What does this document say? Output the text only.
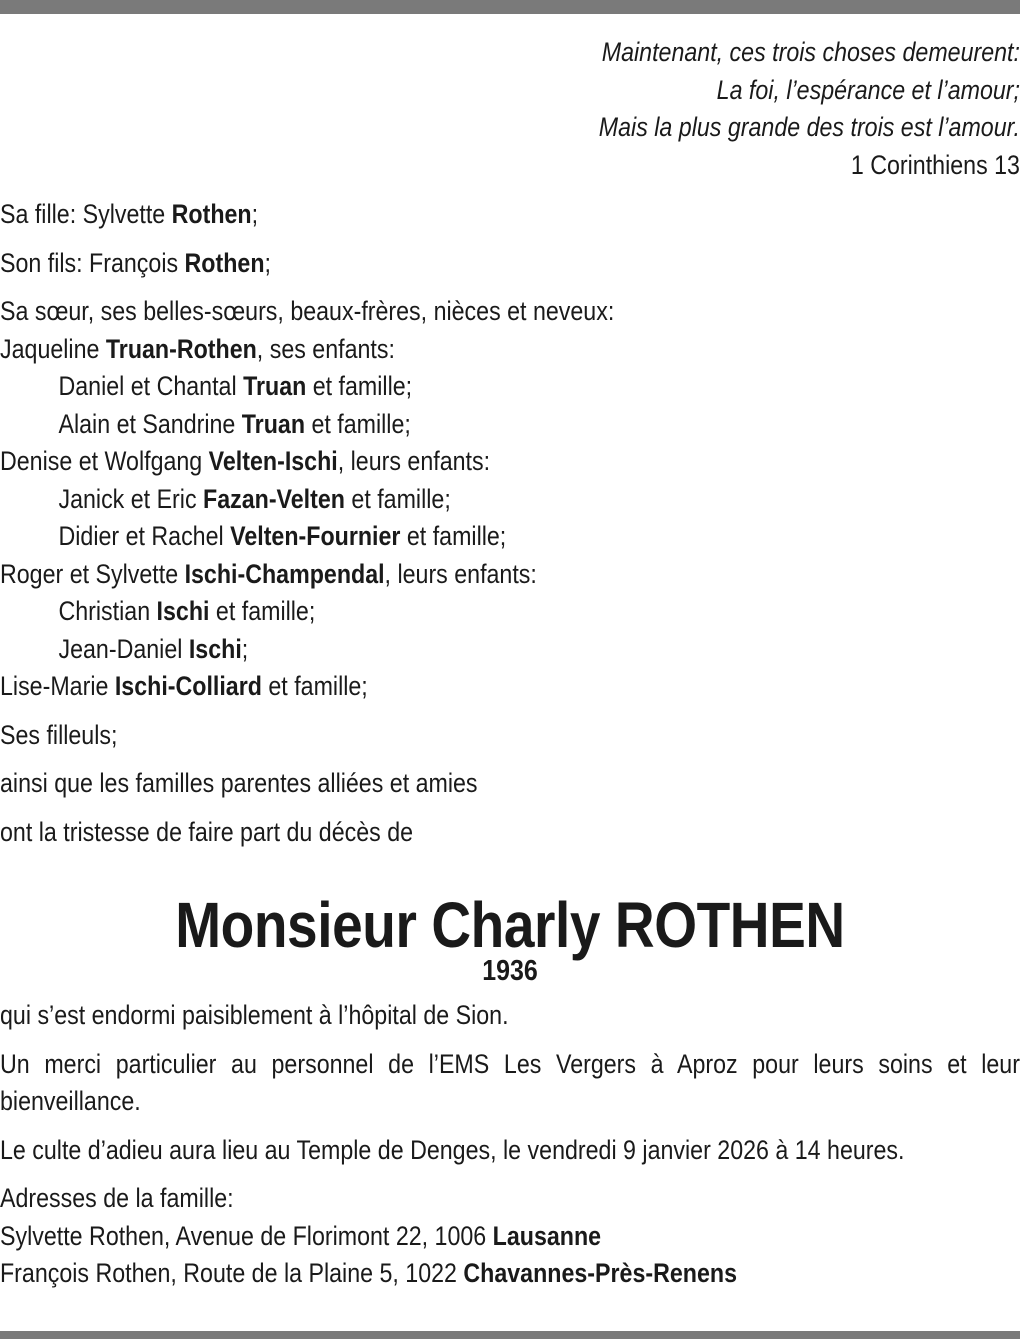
Maintenant, ces trois choses demeurent:
La foi, l’espérance et l’amour;
Mais la plus grande des trois est l’amour.
1 Corinthiens 13
Sa fille: Sylvette Rothen;
Son fils: François Rothen;
Sa sœur, ses belles-sœurs, beaux-frères, nièces et neveux:
Jaqueline Truan-Rothen, ses enfants:
Daniel et Chantal Truan et famille;
Alain et Sandrine Truan et famille;
Denise et Wolfgang Velten-Ischi, leurs enfants:
Janick et Eric Fazan-Velten et famille;
Didier et Rachel Velten-Fournier et famille;
Roger et Sylvette Ischi-Champendal, leurs enfants:
Christian Ischi et famille;
Jean-Daniel Ischi;
Lise-Marie Ischi-Colliard et famille;
Ses filleuls;
ainsi que les familles parentes alliées et amies
ont la tristesse de faire part du décès de
Monsieur Charly ROTHEN
1936
qui s’est endormi paisiblement à l’hôpital de Sion.
Un merci particulier au personnel de l’EMS Les Vergers à Aproz pour leurs soins et leur bienveillance.
Le culte d’adieu aura lieu au Temple de Denges, le vendredi 9 janvier 2026 à 14 heures.
Adresses de la famille:
Sylvette Rothen, Avenue de Florimont 22, 1006 Lausanne
François Rothen, Route de la Plaine 5, 1022 Chavannes-Près-Renens
